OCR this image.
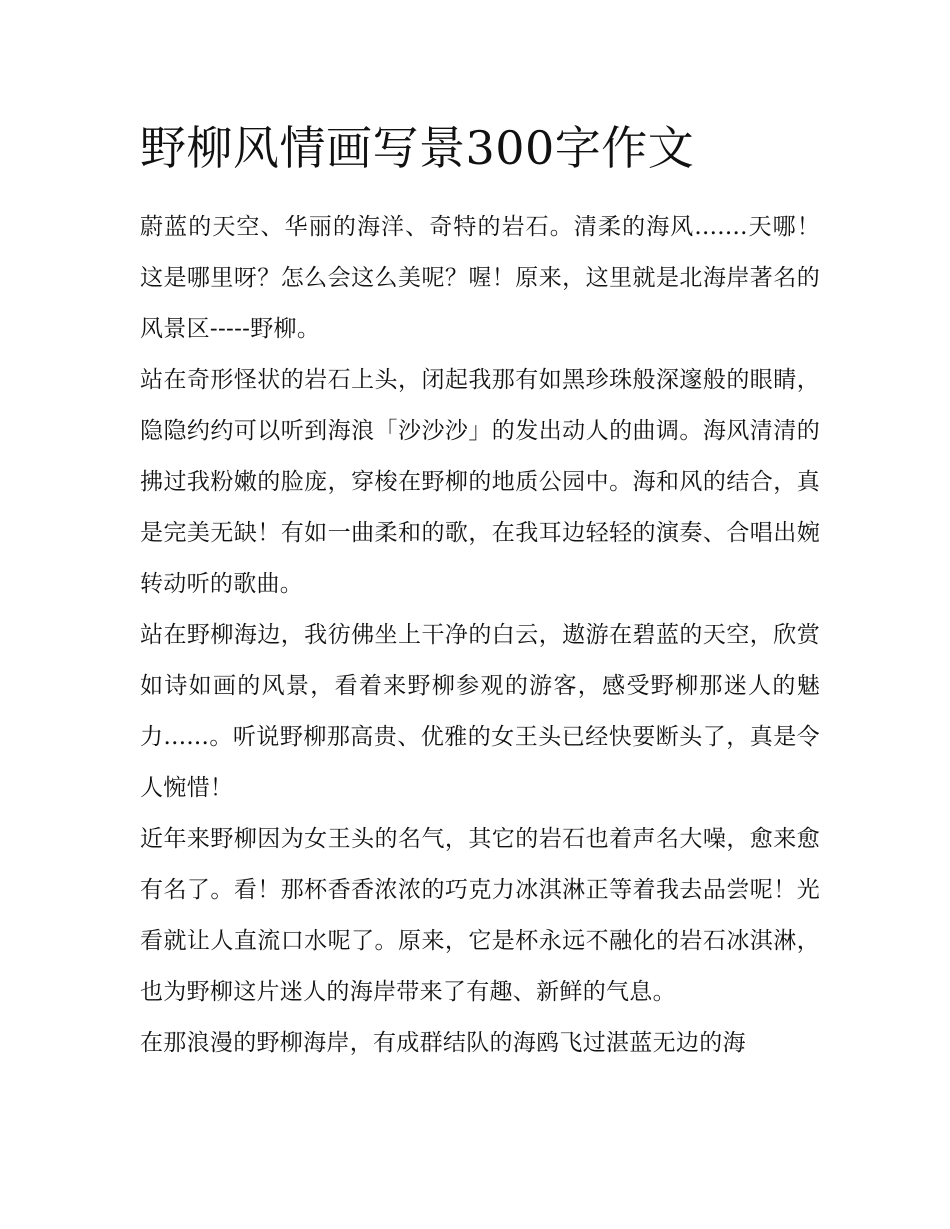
野柳风情画写景300字作文

蔚蓝的天空、华丽的海洋、奇特的岩石。清柔的海风.......天哪！这是哪里呀？怎么会这么美呢？喔！原来，这里就是北海岸著名的风景区-----野柳。

站在奇形怪状的岩石上头，闭起我那有如黑珍珠般深邃般的眼睛，隐隐约约可以听到海浪「沙沙沙」的发出动人的曲调。海风清清的拂过我粉嫩的脸庞，穿梭在野柳的地质公园中。海和风的结合，真是完美无缺！有如一曲柔和的歌，在我耳边轻轻的演奏、合唱出婉转动听的歌曲。

站在野柳海边，我彷佛坐上干净的白云，遨游在碧蓝的天空，欣赏如诗如画的风景，看着来野柳参观的游客，感受野柳那迷人的魅力......。听说野柳那高贵、优雅的女王头已经快要断头了，真是令人惋惜！

近年来野柳因为女王头的名气，其它的岩石也着声名大噪，愈来愈有名了。看！那杯香香浓浓的巧克力冰淇淋正等着我去品尝呢！光看就让人直流口水呢了。原来，它是杯永远不融化的岩石冰淇淋，也为野柳这片迷人的海岸带来了有趣、新鲜的气息。

在那浪漫的野柳海岸，有成群结队的海鸥飞过湛蓝无边的海
